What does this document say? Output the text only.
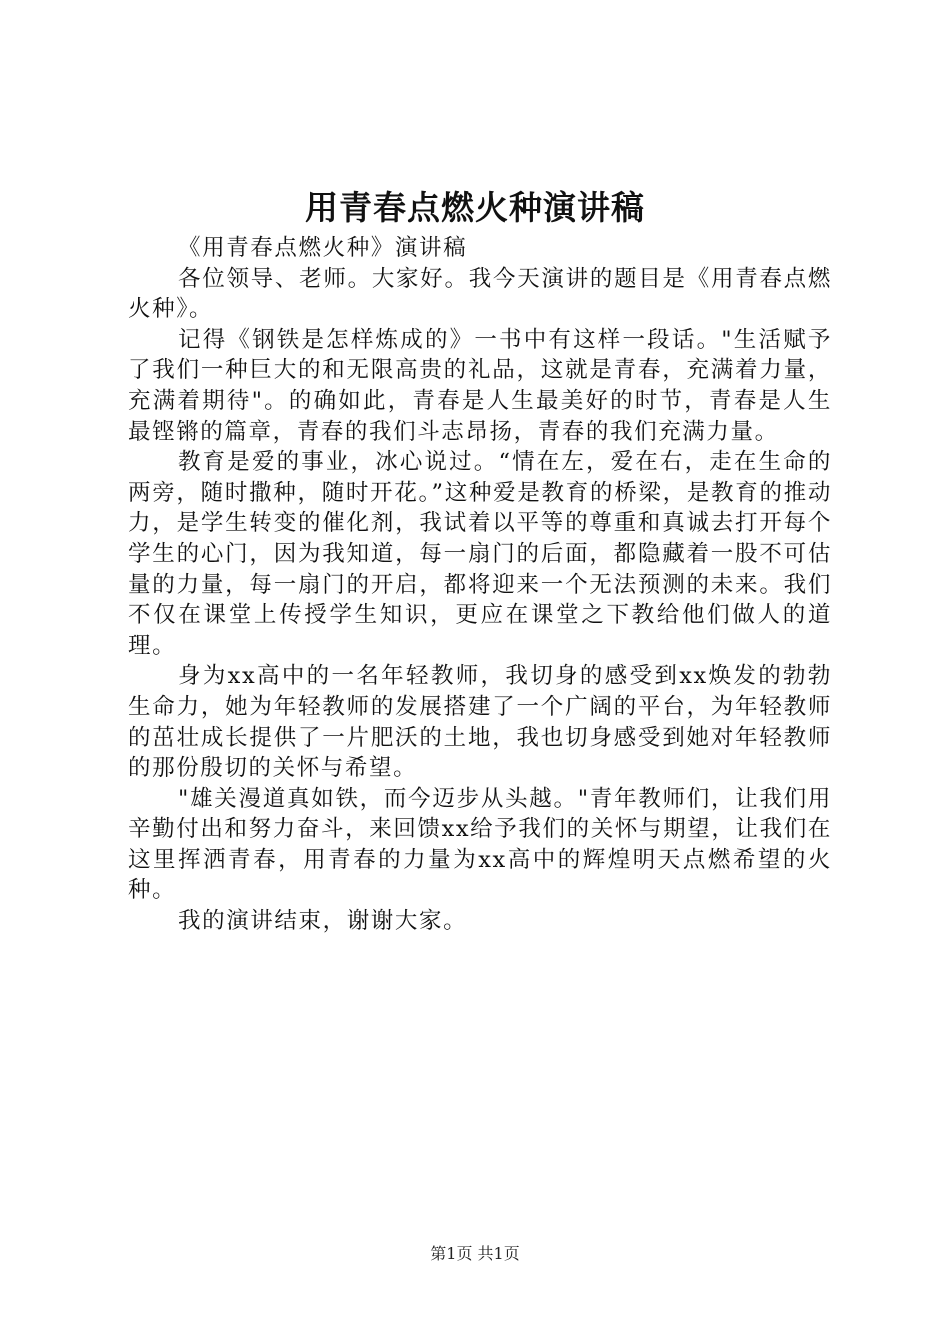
用青春点燃火种演讲稿

《用青春点燃火种》演讲稿

各位领导、老师。大家好。我今天演讲的题目是《用青春点燃火种》。

记得《钢铁是怎样炼成的》一书中有这样一段话。"生活赋予了我们一种巨大的和无限高贵的礼品，这就是青春，充满着力量，充满着期待"。的确如此，青春是人生最美好的时节，青春是人生最铿锵的篇章，青春的我们斗志昂扬，青春的我们充满力量。

教育是爱的事业，冰心说过。“情在左，爱在右，走在生命的两旁，随时撒种，随时开花。”这种爱是教育的桥梁，是教育的推动力，是学生转变的催化剂，我试着以平等的尊重和真诚去打开每个学生的心门，因为我知道，每一扇门的后面，都隐藏着一股不可估量的力量，每一扇门的开启，都将迎来一个无法预测的未来。我们不仅在课堂上传授学生知识，更应在课堂之下教给他们做人的道理。

身为xx高中的一名年轻教师，我切身的感受到xx焕发的勃勃生命力，她为年轻教师的发展搭建了一个广阔的平台，为年轻教师的茁壮成长提供了一片肥沃的土地，我也切身感受到她对年轻教师的那份殷切的关怀与希望。

"雄关漫道真如铁，而今迈步从头越。"青年教师们，让我们用辛勤付出和努力奋斗，来回馈xx给予我们的关怀与期望，让我们在这里挥洒青春，用青春的力量为xx高中的辉煌明天点燃希望的火种。

我的演讲结束，谢谢大家。

第1页 共1页
